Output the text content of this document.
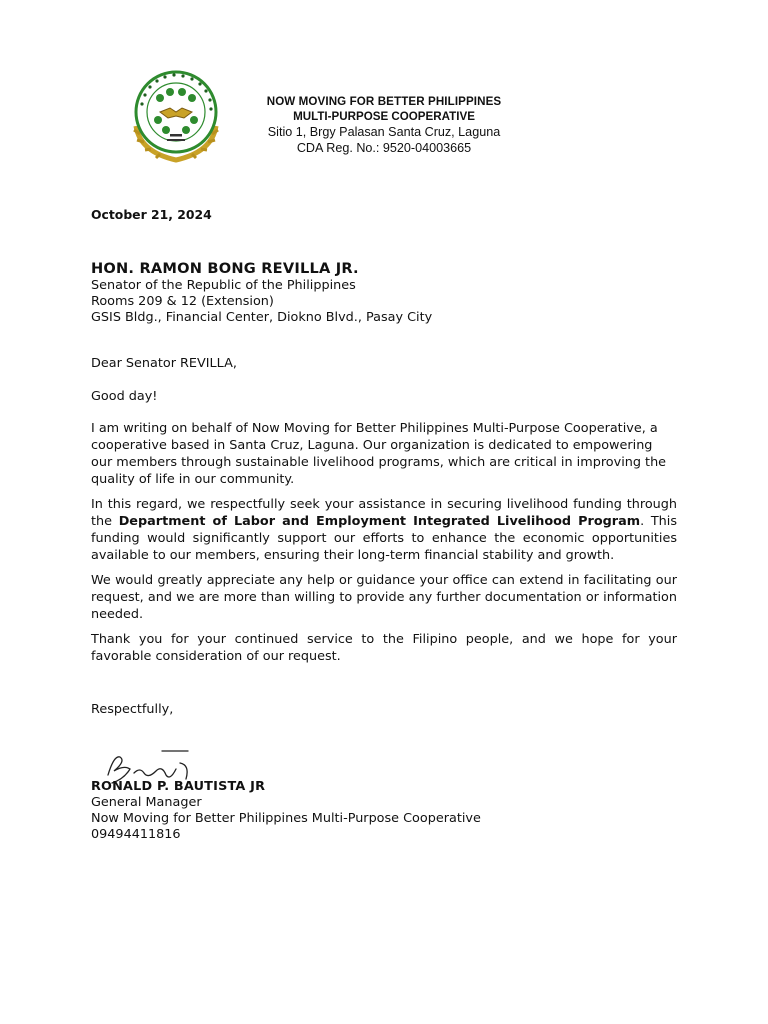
NOW MOVING FOR BETTER PHILIPPINES
MULTI-PURPOSE COOPERATIVE
Sitio 1, Brgy Palasan Santa Cruz, Laguna
CDA Reg. No.: 9520-04003665
October 21, 2024
HON. RAMON BONG REVILLA JR.
Senator of the Republic of the Philippines
Rooms 209 & 12 (Extension)
GSIS Bldg., Financial Center, Diokno Blvd., Pasay City
Dear Senator REVILLA,
Good day!

I am writing on behalf of Now Moving for Better Philippines Multi-Purpose Cooperative, a cooperative based in Santa Cruz, Laguna. Our organization is dedicated to empowering our members through sustainable livelihood programs, which are critical in improving the quality of life in our community.

In this regard, we respectfully seek your assistance in securing livelihood funding through the Department of Labor and Employment Integrated Livelihood Program. This funding would significantly support our efforts to enhance the economic opportunities available to our members, ensuring their long-term financial stability and growth.

We would greatly appreciate any help or guidance your office can extend in facilitating our request, and we are more than willing to provide any further documentation or information needed.

Thank you for your continued service to the Filipino people, and we hope for your favorable consideration of our request.

Respectfully,
RONALD P. BAUTISTA JR
General Manager
Now Moving for Better Philippines Multi-Purpose Cooperative
09494411816
